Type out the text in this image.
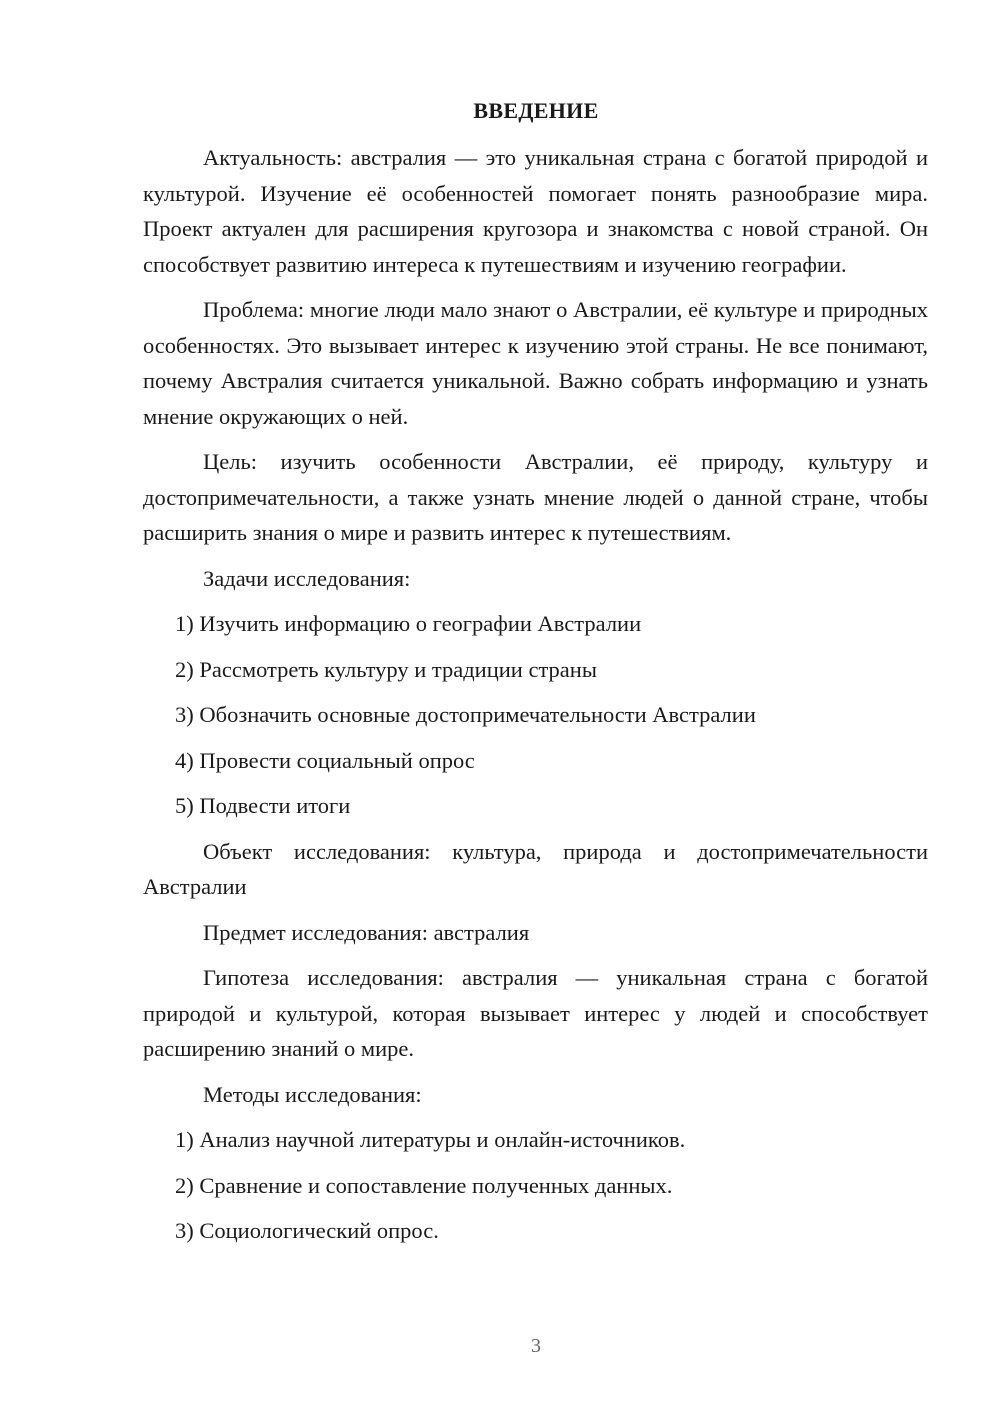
ВВЕДЕНИЕ

Актуальность: австралия — это уникальная страна с богатой природой и культурой. Изучение её особенностей помогает понять разнообразие мира. Проект актуален для расширения кругозора и знакомства с новой страной. Он способствует развитию интереса к путешествиям и изучению географии.

Проблема: многие люди мало знают о Австралии, её культуре и природных особенностях. Это вызывает интерес к изучению этой страны. Не все понимают, почему Австралия считается уникальной. Важно собрать информацию и узнать мнение окружающих о ней.

Цель: изучить особенности Австралии, её природу, культуру и достопримечательности, а также узнать мнение людей о данной стране, чтобы расширить знания о мире и развить интерес к путешествиям.

Задачи исследования:
1) Изучить информацию о географии Австралии
2) Рассмотреть культуру и традиции страны
3) Обозначить основные достопримечательности Австралии
4) Провести социальный опрос
5) Подвести итоги

Объект исследования: культура, природа и достопримечательности Австралии

Предмет исследования: австралия

Гипотеза исследования: австралия — уникальная страна с богатой природой и культурой, которая вызывает интерес у людей и способствует расширению знаний о мире.

Методы исследования:
1) Анализ научной литературы и онлайн-источников.
2) Сравнение и сопоставление полученных данных.
3) Социологический опрос.
3
